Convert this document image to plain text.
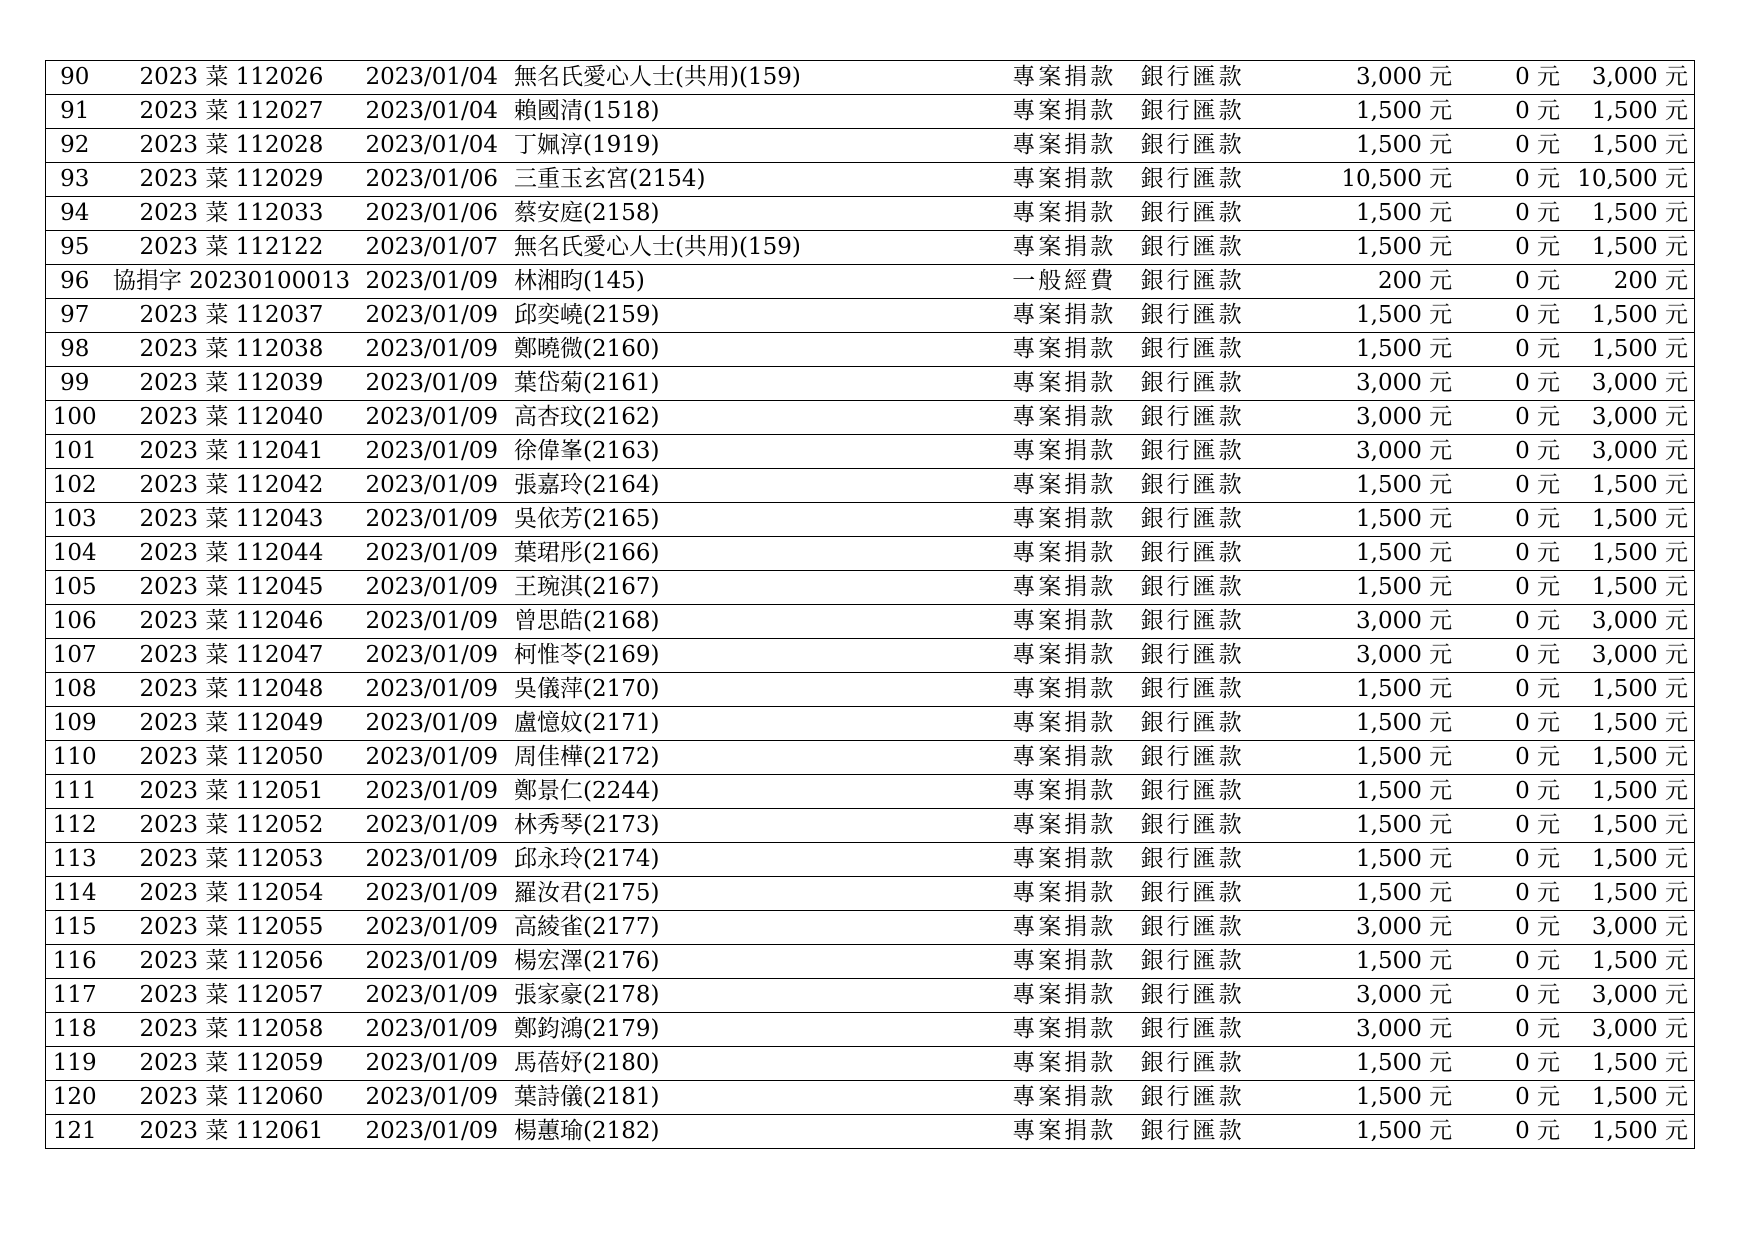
90	2023 菜 112026	2023/01/04	無名氏愛心人士(共用)(159)	專案捐款	銀行匯款	3,000 元	0 元	3,000 元
91	2023 菜 112027	2023/01/04	賴國清(1518)	專案捐款	銀行匯款	1,500 元	0 元	1,500 元
92	2023 菜 112028	2023/01/04	丁姵淳(1919)	專案捐款	銀行匯款	1,500 元	0 元	1,500 元
93	2023 菜 112029	2023/01/06	三重玉玄宮(2154)	專案捐款	銀行匯款	10,500 元	0 元	10,500 元
94	2023 菜 112033	2023/01/06	蔡安庭(2158)	專案捐款	銀行匯款	1,500 元	0 元	1,500 元
95	2023 菜 112122	2023/01/07	無名氏愛心人士(共用)(159)	專案捐款	銀行匯款	1,500 元	0 元	1,500 元
96	協捐字 20230100013	2023/01/09	林湘昀(145)	一般經費	銀行匯款	200 元	0 元	200 元
97	2023 菜 112037	2023/01/09	邱奕嶢(2159)	專案捐款	銀行匯款	1,500 元	0 元	1,500 元
98	2023 菜 112038	2023/01/09	鄭曉微(2160)	專案捐款	銀行匯款	1,500 元	0 元	1,500 元
99	2023 菜 112039	2023/01/09	葉岱菊(2161)	專案捐款	銀行匯款	3,000 元	0 元	3,000 元
100	2023 菜 112040	2023/01/09	高杏玟(2162)	專案捐款	銀行匯款	3,000 元	0 元	3,000 元
101	2023 菜 112041	2023/01/09	徐偉峯(2163)	專案捐款	銀行匯款	3,000 元	0 元	3,000 元
102	2023 菜 112042	2023/01/09	張嘉玲(2164)	專案捐款	銀行匯款	1,500 元	0 元	1,500 元
103	2023 菜 112043	2023/01/09	吳依芳(2165)	專案捐款	銀行匯款	1,500 元	0 元	1,500 元
104	2023 菜 112044	2023/01/09	葉珺彤(2166)	專案捐款	銀行匯款	1,500 元	0 元	1,500 元
105	2023 菜 112045	2023/01/09	王琬淇(2167)	專案捐款	銀行匯款	1,500 元	0 元	1,500 元
106	2023 菜 112046	2023/01/09	曾思皓(2168)	專案捐款	銀行匯款	3,000 元	0 元	3,000 元
107	2023 菜 112047	2023/01/09	柯惟苓(2169)	專案捐款	銀行匯款	3,000 元	0 元	3,000 元
108	2023 菜 112048	2023/01/09	吳儀萍(2170)	專案捐款	銀行匯款	1,500 元	0 元	1,500 元
109	2023 菜 112049	2023/01/09	盧憶妏(2171)	專案捐款	銀行匯款	1,500 元	0 元	1,500 元
110	2023 菜 112050	2023/01/09	周佳樺(2172)	專案捐款	銀行匯款	1,500 元	0 元	1,500 元
111	2023 菜 112051	2023/01/09	鄭景仁(2244)	專案捐款	銀行匯款	1,500 元	0 元	1,500 元
112	2023 菜 112052	2023/01/09	林秀琴(2173)	專案捐款	銀行匯款	1,500 元	0 元	1,500 元
113	2023 菜 112053	2023/01/09	邱永玲(2174)	專案捐款	銀行匯款	1,500 元	0 元	1,500 元
114	2023 菜 112054	2023/01/09	羅汝君(2175)	專案捐款	銀行匯款	1,500 元	0 元	1,500 元
115	2023 菜 112055	2023/01/09	高綾雀(2177)	專案捐款	銀行匯款	3,000 元	0 元	3,000 元
116	2023 菜 112056	2023/01/09	楊宏澤(2176)	專案捐款	銀行匯款	1,500 元	0 元	1,500 元
117	2023 菜 112057	2023/01/09	張家豪(2178)	專案捐款	銀行匯款	3,000 元	0 元	3,000 元
118	2023 菜 112058	2023/01/09	鄭鈞鴻(2179)	專案捐款	銀行匯款	3,000 元	0 元	3,000 元
119	2023 菜 112059	2023/01/09	馬蓓妤(2180)	專案捐款	銀行匯款	1,500 元	0 元	1,500 元
120	2023 菜 112060	2023/01/09	葉詩儀(2181)	專案捐款	銀行匯款	1,500 元	0 元	1,500 元
121	2023 菜 112061	2023/01/09	楊蕙瑜(2182)	專案捐款	銀行匯款	1,500 元	0 元	1,500 元
